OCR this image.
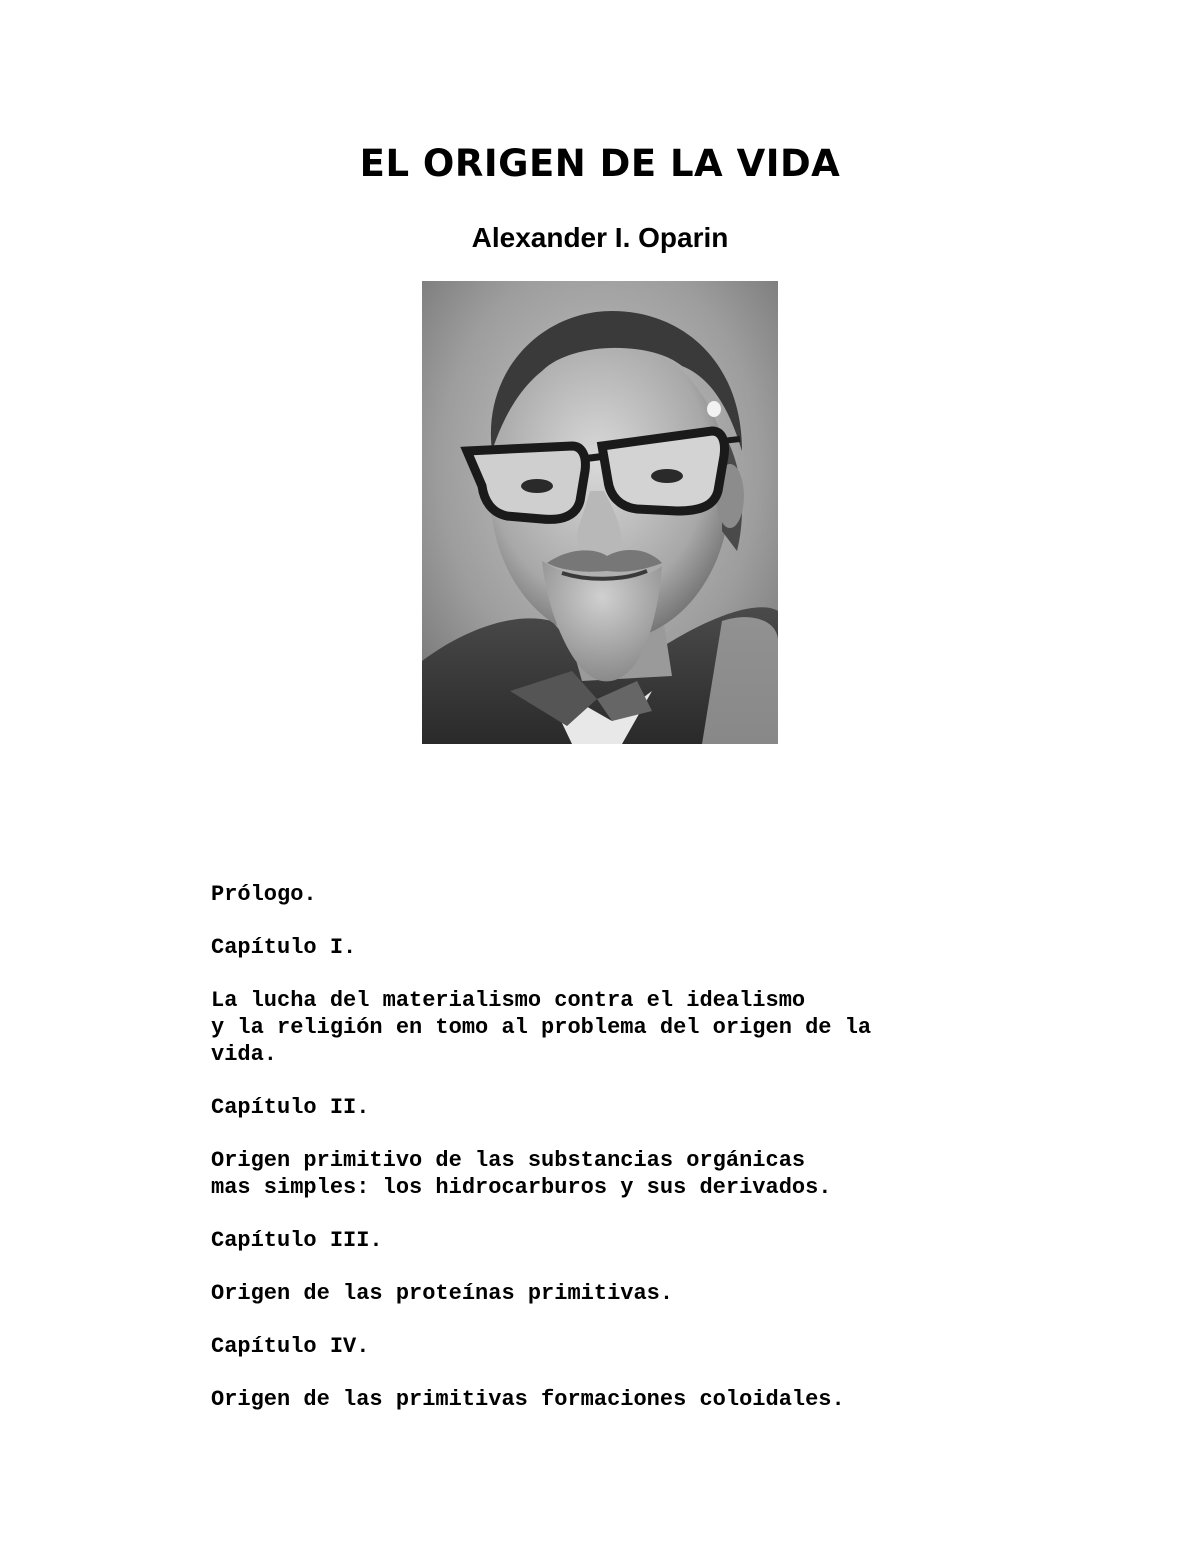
EL ORIGEN DE LA VIDA
Alexander I. Oparin

Prólogo.

Capítulo I.

La lucha del materialismo contra el idealismo
y la religión en tomo al problema del origen de la
vida.

Capítulo II.

Origen primitivo de las substancias orgánicas
mas simples: los hidrocarburos y sus derivados.

Capítulo III.

Origen de las proteínas primitivas.

Capítulo IV.

Origen de las primitivas formaciones coloidales.
